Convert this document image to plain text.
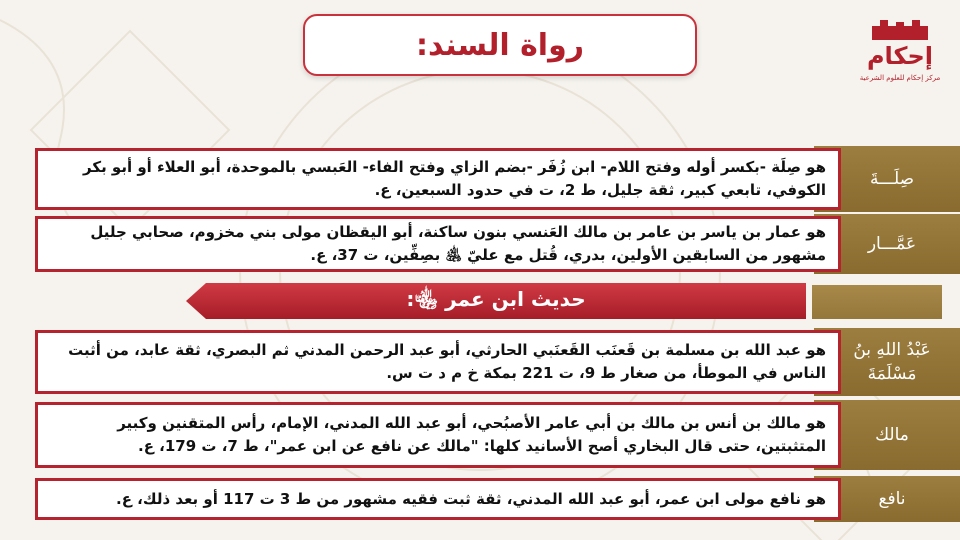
رواة السند:	إحكام
مركز إحكام للعلوم الشرعية
صِلَـــةَ
هو صِلَة -بكسر أوله وفتح اللام- ابن زُفَر -بضم الزاي وفتح الفاء- العَبسي بالموحدة، أبو العلاء أو أبو بكر الكوفي، تابعي كبير، ثقة جليل، ط 2، ت في حدود السبعين، ع.
عَمَّـــار
هو عمار بن ياسر بن عامر بن مالك العَنسي بنون ساكنة، أبو اليقظان مولى بني مخزوم، صحابي جليل مشهور من السابقين الأولين، بدري، قُتل مع عليّ ﵁ بصِفِّين، ت 37، ع.
حديث ابن عمر ﵄:
عَبْدُ اللهِ بنُ
مَسْلَمَةَ
هو عبد الله بن مسلمة بن قَعنَب القَعنَبي الحارثي، أبو عبد الرحمن المدني ثم البصري، ثقة عابد، من أثبت الناس في الموطأ، من صغار ط 9، ت 221 بمكة خ م د ت س.
مالك
هو مالك بن أنس بن مالك بن أبي عامر الأصبُحي، أبو عبد الله المدني، الإمام، رأس المتقنين وكبير المتثبتين، حتى قال البخاري أصح الأسانيد كلها: "مالك عن نافع عن ابن عمر"، ط 7، ت 179، ع.
نافع
هو نافع مولى ابن عمر، أبو عبد الله المدني، ثقة ثبت فقيه مشهور من ط 3 ت 117 أو بعد ذلك، ع.
